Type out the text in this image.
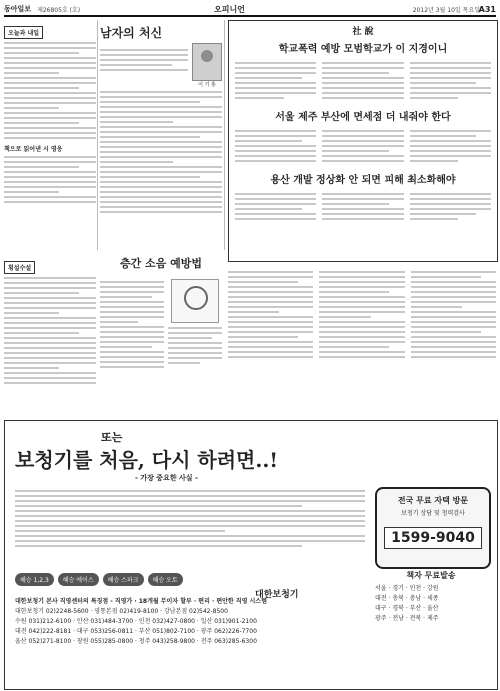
동아일보 제26805호 (호)	오피니언	2012년 3월 10일 목요일
A31
오늘과 내일
책으로 읽어낸 시 영웅
남자의 처신
이 기 홍
社 說
학교폭력 예방 모범학교가 이 지경이니
서울 제주 부산에 면세점 더 내줘야 한다
용산 개발 정상화 안 되면 피해 최소화해야
횡설수설	층간 소음 예방법
또는
보청기를 처음, 다시 하려면..!
- 가장 중요한 사실 -
혜승 1,2,3	혜승 에이스	혜승 스파크	혜승 오토
대한보청기
대한보청기 본사 직영센터의 특징점 - 직영가 · 18개월 무이자 할부 · 편리 · 편안한 직영 시스템
대한보청기 02)2248-5600 · 영통본점 02)419-8100 · 강남본점 02)542-8500
수원 031)212-6100 · 안산 031)484-3700 · 인천 032)427-0800 · 일산 031)901-2100
대전 042)222-8181 · 대구 053)256-0811 · 부산 051)802-7100 · 광주 062)226-7700
울산 052)271-8100 · 창원 055)285-0800 · 청주 043)258-9800 · 전주 063)285-6300
전국 무료 자택 방문
보청기 상담 및 청력검사
1599-9040
책자 무료발송
서울 · 경기 · 인천 · 강원
대전 · 충북 · 충남 · 세종
대구 · 경북 · 부산 · 울산
광주 · 전남 · 전북 · 제주
